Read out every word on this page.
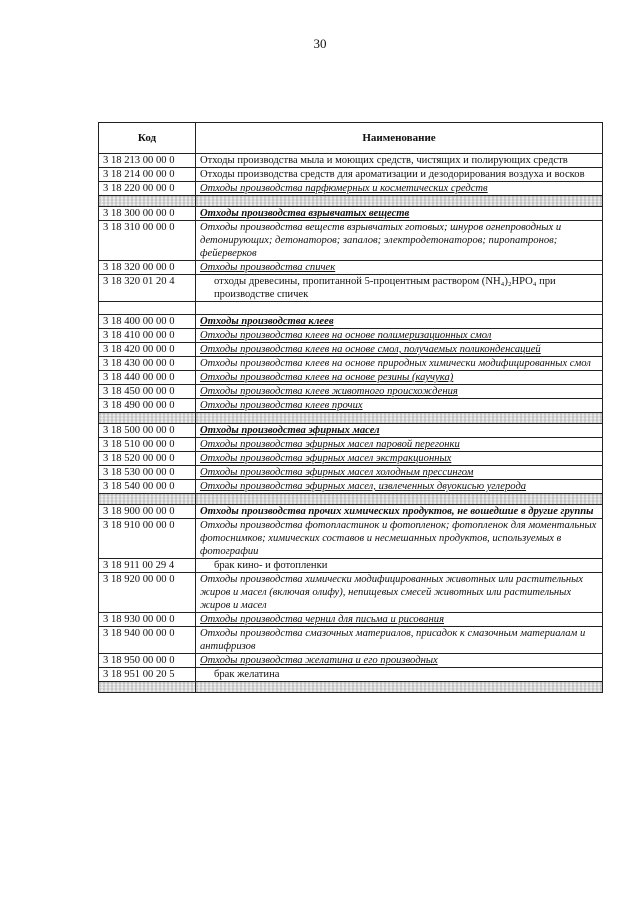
30
Код	Наименование
3 18 213 00 00 0	Отходы производства мыла и моющих средств, чистящих и полирующих средств
3 18 214 00 00 0	Отходы производства средств для ароматизации и дезодорирования воздуха и восков
3 18 220 00 00 0	Отходы производства парфюмерных и косметических средств

3 18 300 00 00 0	Отходы производства взрывчатых веществ
3 18 310 00 00 0	Отходы производства веществ взрывчатых готовых; шнуров огнепроводных и детонирующих; детонаторов; запалов; электродетонаторов; пиропатронов; фейерверков
3 18 320 00 00 0	Отходы производства спичек
3 18 320 01 20 4	отходы древесины, пропитанной 5-процентным раствором (NH₄)₂HPO₄ при производстве спичек

3 18 400 00 00 0	Отходы производства клеев
3 18 410 00 00 0	Отходы производства клеев на основе полимеризационных смол
3 18 420 00 00 0	Отходы производства клеев на основе смол, получаемых поликонденсацией
3 18 430 00 00 0	Отходы производства клеев на основе природных химически модифицированных смол
3 18 440 00 00 0	Отходы производства клеев на основе резины (каучука)
3 18 450 00 00 0	Отходы производства клеев животного происхождения
3 18 490 00 00 0	Отходы производства клеев прочих

3 18 500 00 00 0	Отходы производства эфирных масел
3 18 510 00 00 0	Отходы производства эфирных масел паровой перегонки
3 18 520 00 00 0	Отходы производства эфирных масел экстракционных
3 18 530 00 00 0	Отходы производства эфирных масел холодным прессингом
3 18 540 00 00 0	Отходы производства эфирных масел, извлеченных двуокисью углерода

3 18 900 00 00 0	Отходы производства прочих химических продуктов, не вошедшие в другие группы
3 18 910 00 00 0	Отходы производства фотопластинок и фотопленок; фотопленок для моментальных фотоснимков; химических составов и несмешанных продуктов, используемых в фотографии
3 18 911 00 29 4	брак кино- и фотопленки
3 18 920 00 00 0	Отходы производства химически модифицированных животных или растительных жиров и масел (включая олифу), непищевых смесей животных или растительных жиров и масел
3 18 930 00 00 0	Отходы производства чернил для письма и рисования
3 18 940 00 00 0	Отходы производства смазочных материалов, присадок к смазочным материалам и антифризов
3 18 950 00 00 0	Отходы производства желатина и его производных
3 18 951 00 20 5	брак желатина
